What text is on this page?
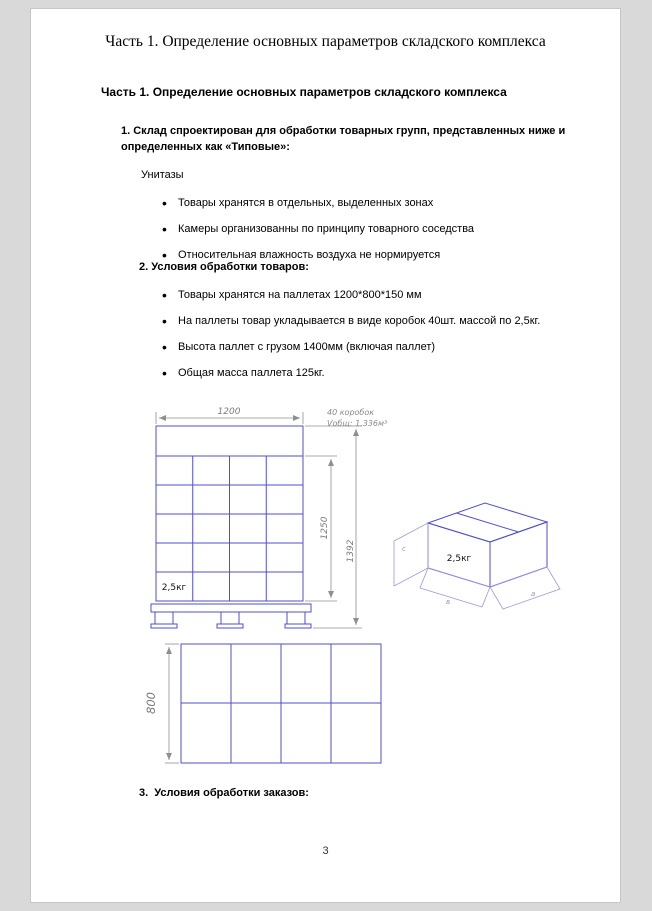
Часть 1. Определение основных параметров складского комплекса
Часть 1. Определение основных параметров складского комплекса

1. Склад спроектирован для обработки товарных групп, представленных ниже и определенных как «Типовые»:

Унитазы

• Товары хранятся в отдельных, выделенных зонах
• Камеры организованны по принципу товарного соседства
• Относительная влажность воздуха не нормируется

2. Условия обработки товаров:

• Товары хранятся на паллетах 1200*800*150 мм
• На паллеты товар укладывается в виде коробок 40шт. массой по 2,5кг.
• Высота паллет с грузом 1400мм (включая паллет)
• Общая масса паллета 125кг.
1200
2,5кг
1250
1392
40 коробок
Vобщ: 1.336м³
2,5кг
с
в
а
800

3.  Условия обработки заказов:

3
